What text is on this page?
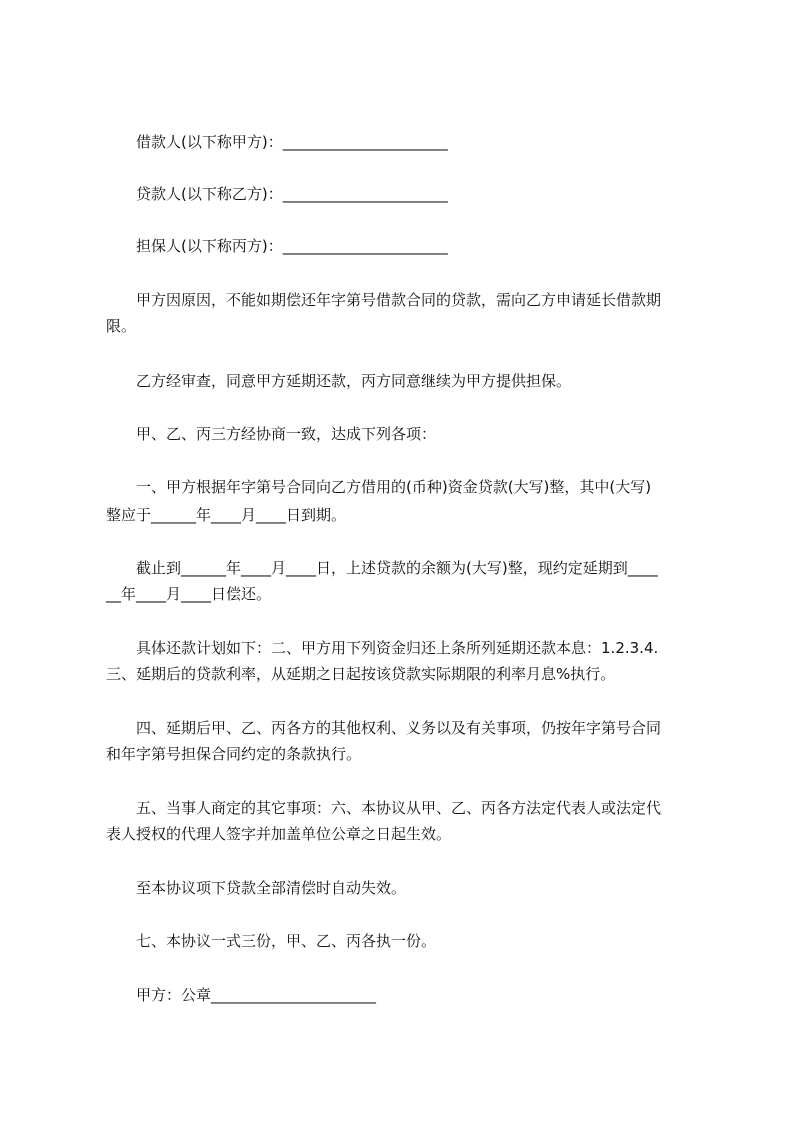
借款人(以下称甲方)：______________________

贷款人(以下称乙方)：______________________

担保人(以下称丙方)：______________________

甲方因原因，不能如期偿还年字第号借款合同的贷款，需向乙方申请延长借款期

限。

乙方经审查，同意甲方延期还款，丙方同意继续为甲方提供担保。

甲、乙、丙三方经协商一致，达成下列各项：

一、甲方根据年字第号合同向乙方借用的(币种)资金贷款(大写)整，其中(大写)

整应于______年____月____日到期。

截止到______年____月____日，上述贷款的余额为(大写)整，现约定延期到____

__年____月____日偿还。

具体还款计划如下：二、甲方用下列资金归还上条所列延期还款本息：1.2.3.4.

三、延期后的贷款利率，从延期之日起按该贷款实际期限的利率月息%执行。

四、延期后甲、乙、丙各方的其他权利、义务以及有关事项，仍按年字第号合同

和年字第号担保合同约定的条款执行。

五、当事人商定的其它事项：六、本协议从甲、乙、丙各方法定代表人或法定代

表人授权的代理人签字并加盖单位公章之日起生效。

至本协议项下贷款全部清偿时自动失效。

七、本协议一式三份，甲、乙、丙各执一份。

甲方：公章______________________
